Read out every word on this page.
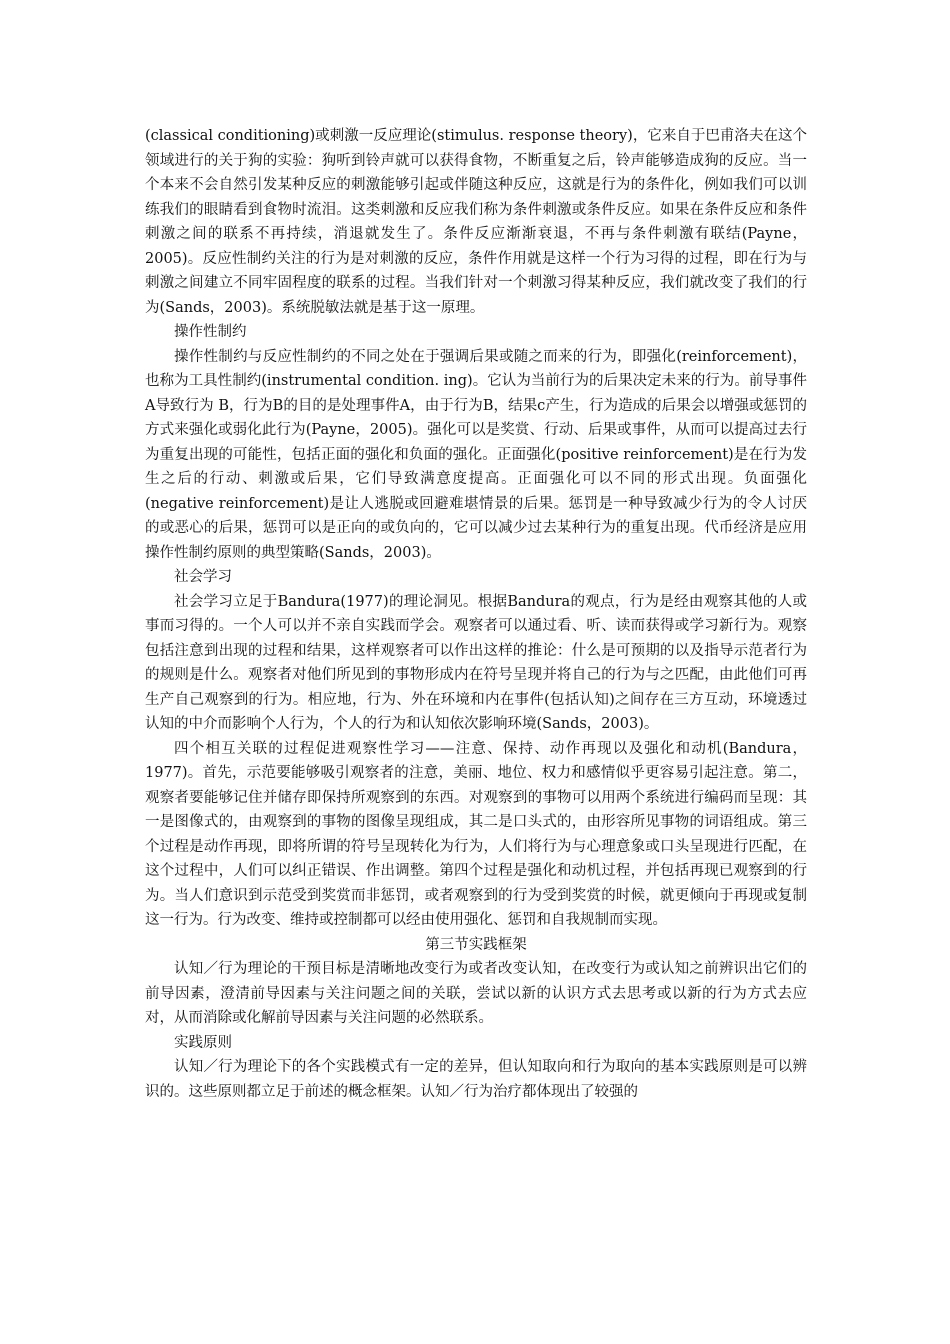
(classical conditioning)或刺激一反应理论(stimulus. response theory)，它来自于巴甫洛夫在这个领域进行的关于狗的实验：狗听到铃声就可以获得食物，不断重复之后，铃声能够造成狗的反应。当一个本来不会自然引发某种反应的刺激能够引起或伴随这种反应，这就是行为的条件化，例如我们可以训练我们的眼睛看到食物时流泪。这类刺激和反应我们称为条件刺激或条件反应。如果在条件反应和条件刺激之间的联系不再持续，消退就发生了。条件反应渐渐衰退，不再与条件刺激有联结(Payne，2005)。反应性制约关注的行为是对刺激的反应，条件作用就是这样一个行为习得的过程，即在行为与刺激之间建立不同牢固程度的联系的过程。当我们针对一个刺激习得某种反应，我们就改变了我们的行为(Sands，2003)。系统脱敏法就是基于这一原理。

操作性制约

操作性制约与反应性制约的不同之处在于强调后果或随之而来的行为，即强化(reinforcement)，也称为工具性制约(instrumental condition. ing)。它认为当前行为的后果决定未来的行为。前导事件A导致行为 B，行为B的目的是处理事件A，由于行为B，结果c产生，行为造成的后果会以增强或惩罚的方式来强化或弱化此行为(Payne，2005)。强化可以是奖赏、行动、后果或事件，从而可以提高过去行为重复出现的可能性，包括正面的强化和负面的强化。正面强化(positive reinforcement)是在行为发生之后的行动、刺激或后果，它们导致满意度提高。正面强化可以不同的形式出现。负面强化(negative reinforcement)是让人逃脱或回避难堪情景的后果。惩罚是一种导致减少行为的令人讨厌的或恶心的后果，惩罚可以是正向的或负向的，它可以减少过去某种行为的重复出现。代币经济是应用操作性制约原则的典型策略(Sands，2003)。

社会学习

社会学习立足于Bandura(1977)的理论洞见。根据Bandura的观点，行为是经由观察其他的人或事而习得的。一个人可以并不亲自实践而学会。观察者可以通过看、听、读而获得或学习新行为。观察包括注意到出现的过程和结果，这样观察者可以作出这样的推论：什么是可预期的以及指导示范者行为的规则是什么。观察者对他们所见到的事物形成内在符号呈现并将自己的行为与之匹配，由此他们可再生产自己观察到的行为。相应地，行为、外在环境和内在事件(包括认知)之间存在三方互动，环境透过认知的中介而影响个人行为，个人的行为和认知依次影响环境(Sands，2003)。

四个相互关联的过程促进观察性学习——注意、保持、动作再现以及强化和动机(Bandura，1977)。首先，示范要能够吸引观察者的注意，美丽、地位、权力和感情似乎更容易引起注意。第二，观察者要能够记住并储存即保持所观察到的东西。对观察到的事物可以用两个系统进行编码而呈现：其一是图像式的，由观察到的事物的图像呈现组成，其二是口头式的，由形容所见事物的词语组成。第三个过程是动作再现，即将所谓的符号呈现转化为行为，人们将行为与心理意象或口头呈现进行匹配，在这个过程中，人们可以纠正错误、作出调整。第四个过程是强化和动机过程，并包括再现已观察到的行为。当人们意识到示范受到奖赏而非惩罚，或者观察到的行为受到奖赏的时候，就更倾向于再现或复制这一行为。行为改变、维持或控制都可以经由使用强化、惩罚和自我规制而实现。

第三节实践框架

认知／行为理论的干预目标是清晰地改变行为或者改变认知，在改变行为或认知之前辨识出它们的前导因素，澄清前导因素与关注问题之间的关联，尝试以新的认识方式去思考或以新的行为方式去应对，从而消除或化解前导因素与关注问题的必然联系。

实践原则

认知／行为理论下的各个实践模式有一定的差异，但认知取向和行为取向的基本实践原则是可以辨识的。这些原则都立足于前述的概念框架。认知／行为治疗都体现出了较强的
